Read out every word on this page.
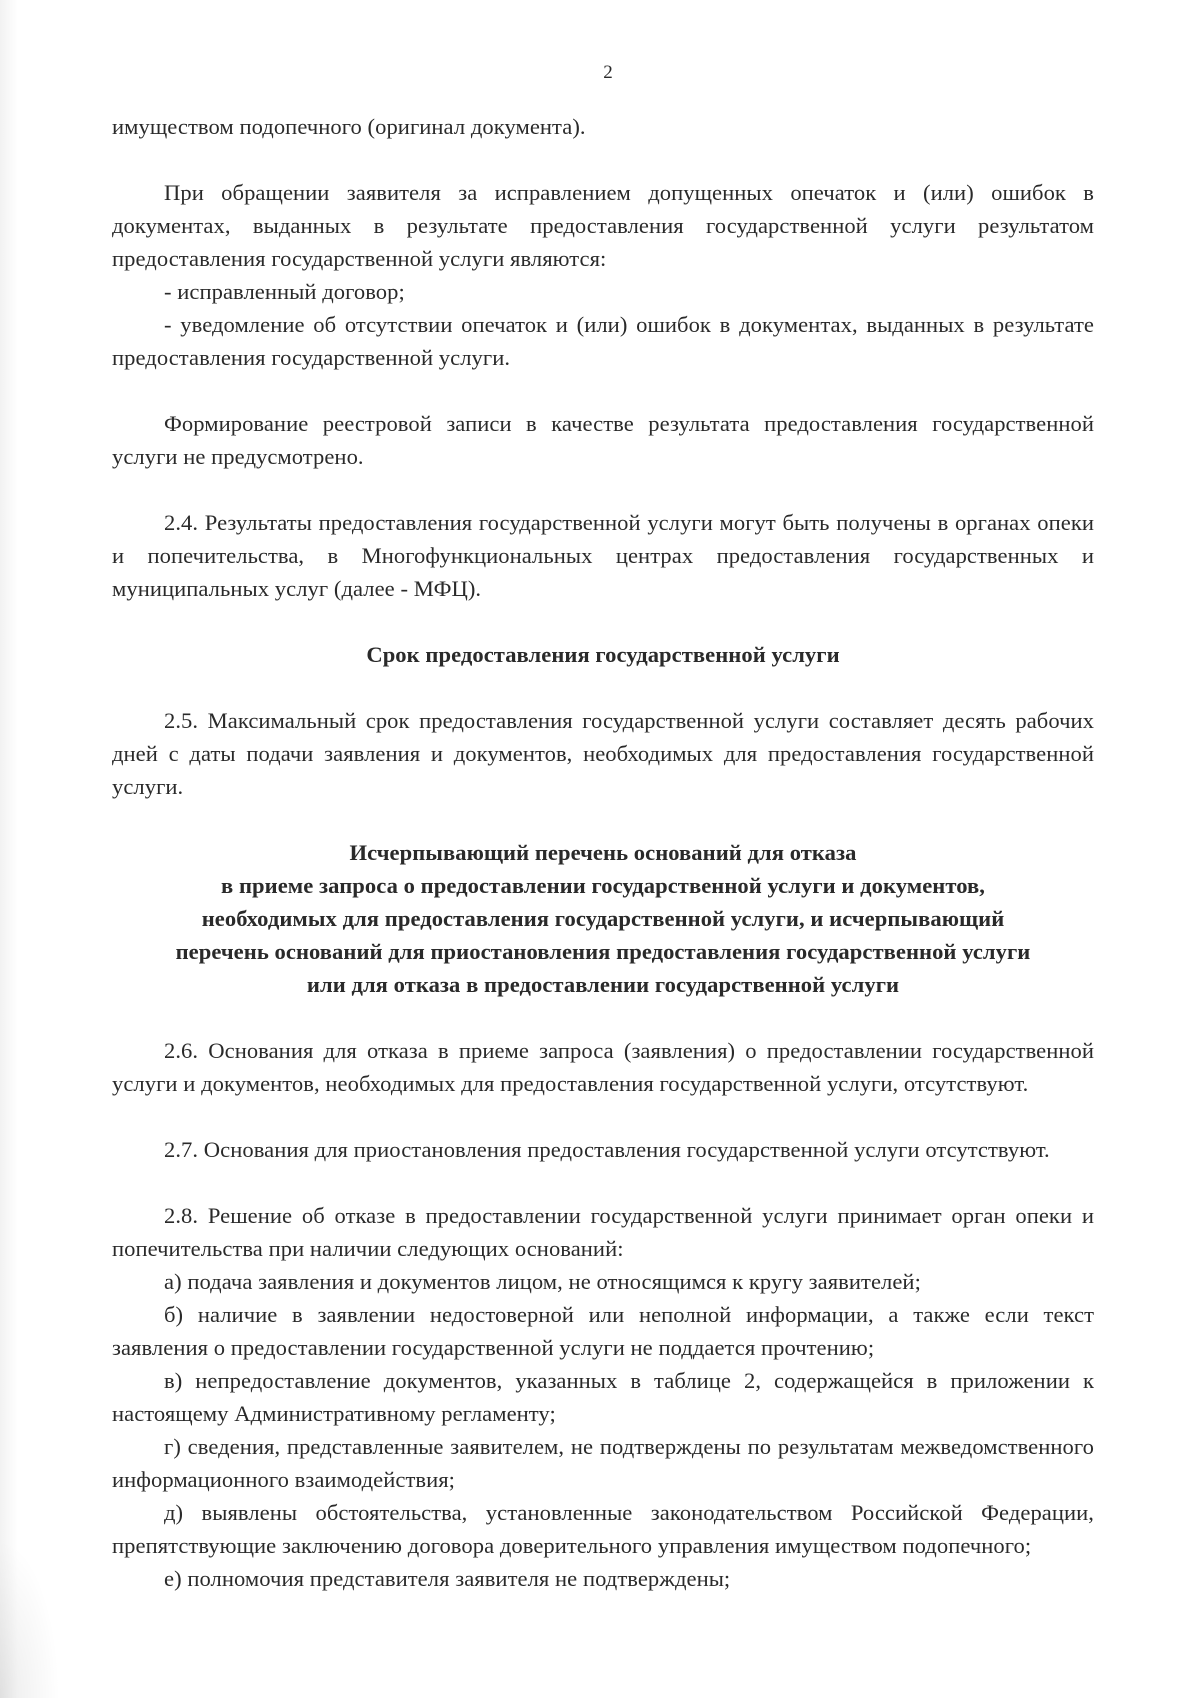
2

имуществом подопечного (оригинал документа).

При обращении заявителя за исправлением допущенных опечаток и (или) ошибок в документах, выданных в результате предоставления государственной услуги результатом предоставления государственной услуги являются:

- исправленный договор;

- уведомление об отсутствии опечаток и (или) ошибок в документах, выданных в результате предоставления государственной услуги.

Формирование реестровой записи в качестве результата предоставления государственной услуги не предусмотрено.

2.4. Результаты предоставления государственной услуги могут быть получены в органах опеки и попечительства, в Многофункциональных центрах предоставления государственных и муниципальных услуг (далее - МФЦ).

Срок предоставления государственной услуги

2.5. Максимальный срок предоставления государственной услуги составляет десять рабочих дней с даты подачи заявления и документов, необходимых для предоставления государственной услуги.

Исчерпывающий перечень оснований для отказа
в приеме запроса о предоставлении государственной услуги и документов,
необходимых для предоставления государственной услуги, и исчерпывающий
перечень оснований для приостановления предоставления государственной услуги
или для отказа в предоставлении государственной услуги

2.6. Основания для отказа в приеме запроса (заявления) о предоставлении государственной услуги и документов, необходимых для предоставления государственной услуги, отсутствуют.

2.7. Основания для приостановления предоставления государственной услуги отсутствуют.

2.8. Решение об отказе в предоставлении государственной услуги принимает орган опеки и попечительства при наличии следующих оснований:

а) подача заявления и документов лицом, не относящимся к кругу заявителей;

б) наличие в заявлении недостоверной или неполной информации, а также если текст заявления о предоставлении государственной услуги не поддается прочтению;

в) непредоставление документов, указанных в таблице 2, содержащейся в приложении к настоящему Административному регламенту;

г) сведения, представленные заявителем, не подтверждены по результатам межведомственного информационного взаимодействия;

д) выявлены обстоятельства, установленные законодательством Российской Федерации, препятствующие заключению договора доверительного управления имуществом подопечного;

е) полномочия представителя заявителя не подтверждены;
